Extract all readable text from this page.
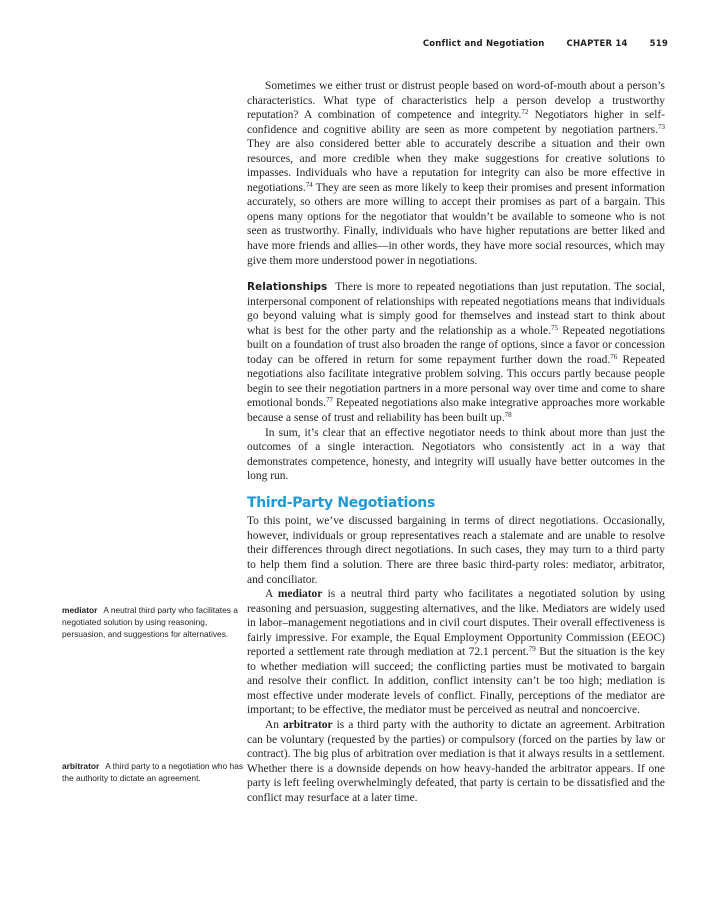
Conflict and Negotiation	CHAPTER 14	519

Sometimes we either trust or distrust people based on word-of-mouth about a person’s characteristics. What type of characteristics help a person develop a trustworthy reputation? A combination of competence and integrity.$^{72}$ Negotiators higher in self-confidence and cognitive ability are seen as more competent by negotiation partners.$^{73}$ They are also considered better able to accurately describe a situation and their own resources, and more credible when they make suggestions for creative solutions to impasses. Individuals who have a reputation for integrity can also be more effective in negotiations.$^{74}$ They are seen as more likely to keep their promises and present information accurately, so others are more willing to accept their promises as part of a bargain. This opens many options for the negotiator that wouldn’t be available to someone who is not seen as trustworthy. Finally, individuals who have higher reputations are better liked and have more friends and allies—in other words, they have more social resources, which may give them more understood power in negotiations.

Relationships There is more to repeated negotiations than just reputation. The social, interpersonal component of relationships with repeated negotiations means that individuals go beyond valuing what is simply good for themselves and instead start to think about what is best for the other party and the relationship as a whole.$^{75}$ Repeated negotiations built on a foundation of trust also broaden the range of options, since a favor or concession today can be offered in return for some repayment further down the road.$^{76}$ Repeated negotiations also facilitate integrative problem solving. This occurs partly because people begin to see their negotiation partners in a more personal way over time and come to share emotional bonds.$^{77}$ Repeated negotiations also make integrative approaches more workable because a sense of trust and reliability has been built up.$^{78}$

In sum, it’s clear that an effective negotiator needs to think about more than just the outcomes of a single interaction. Negotiators who consistently act in a way that demonstrates competence, honesty, and integrity will usually have better outcomes in the long run.

Third-Party Negotiations

To this point, we’ve discussed bargaining in terms of direct negotiations. Occasionally, however, individuals or group representatives reach a stalemate and are unable to resolve their differences through direct negotiations. In such cases, they may turn to a third party to help them find a solution. There are three basic third-party roles: mediator, arbitrator, and conciliator.

A mediator is a neutral third party who facilitates a negotiated solution by using reasoning and persuasion, suggesting alternatives, and the like. Mediators are widely used in labor–management negotiations and in civil court disputes. Their overall effectiveness is fairly impressive. For example, the Equal Employment Opportunity Commission (EEOC) reported a settlement rate through mediation at 72.1 percent.$^{79}$ But the situation is the key to whether mediation will succeed; the conflicting parties must be motivated to bargain and resolve their conflict. In addition, conflict intensity can’t be too high; mediation is most effective under moderate levels of conflict. Finally, perceptions of the mediator are important; to be effective, the mediator must be perceived as neutral and noncoercive.

An arbitrator is a third party with the authority to dictate an agreement. Arbitration can be voluntary (requested by the parties) or compulsory (forced on the parties by law or contract). The big plus of arbitration over mediation is that it always results in a settlement. Whether there is a downside depends on how heavy-handed the arbitrator appears. If one party is left feeling overwhelmingly defeated, that party is certain to be dissatisfied and the conflict may resurface at a later time.

mediator A neutral third party who facilitates a negotiated solution by using reasoning, persuasion, and suggestions for alternatives.
arbitrator A third party to a negotiation who has the authority to dictate an agreement.
